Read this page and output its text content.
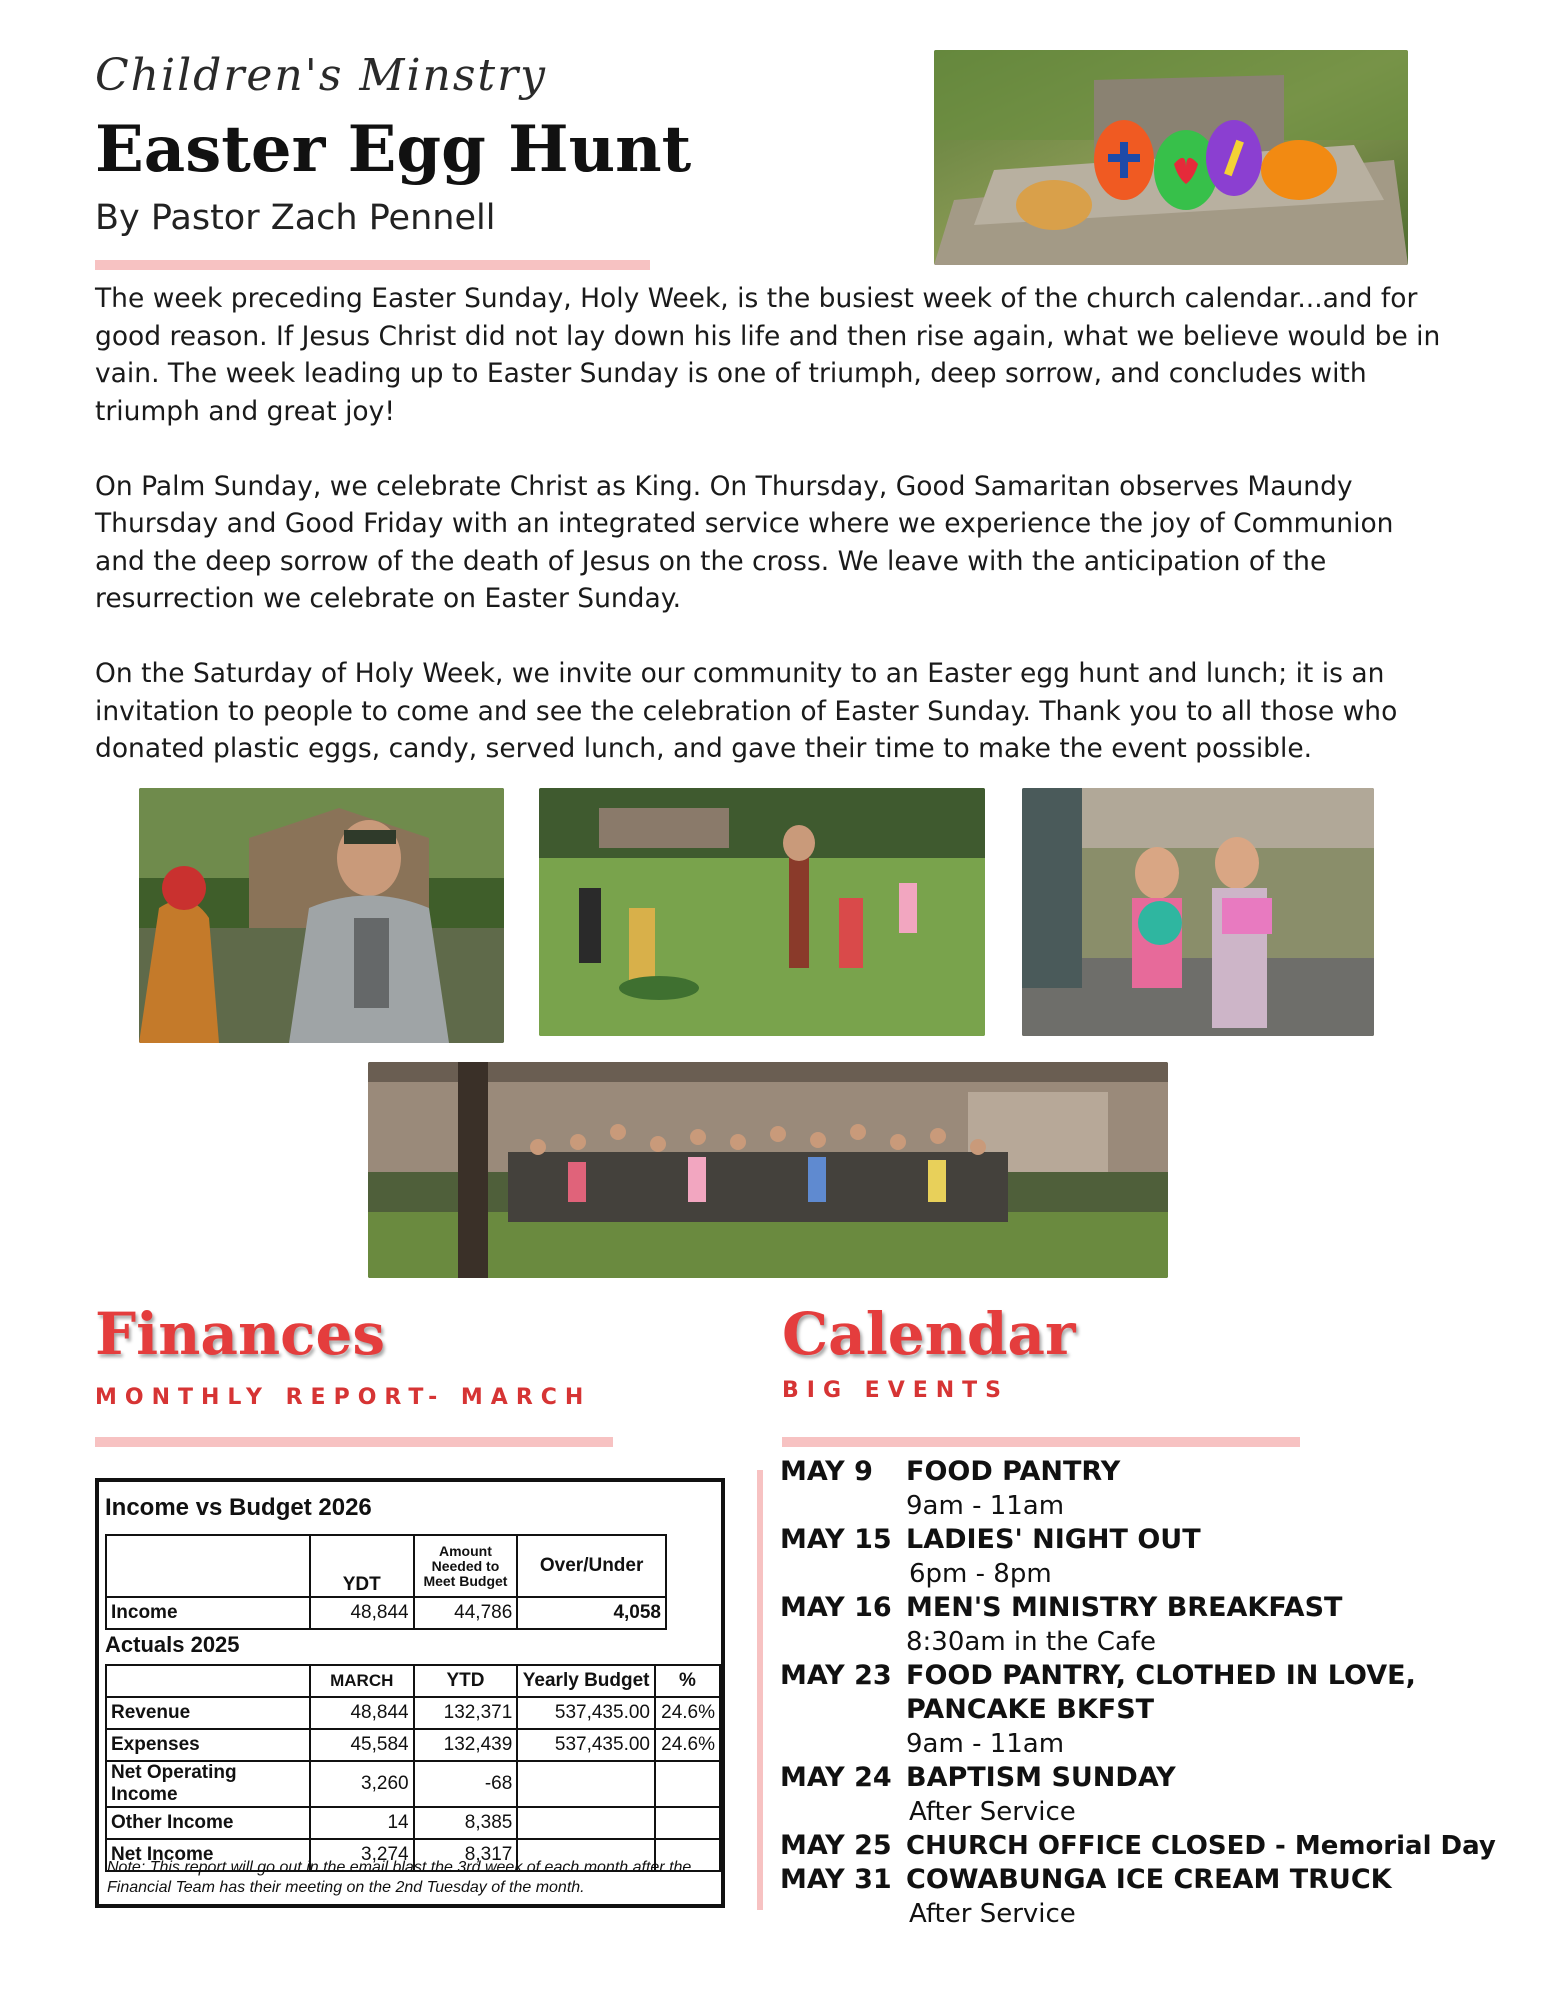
Children's Minstry
Easter Egg Hunt
By Pastor Zach Pennell

The week preceding Easter Sunday, Holy Week, is the busiest week of the church calendar...and for good reason. If Jesus Christ did not lay down his life and then rise again, what we believe would be in vain. The week leading up to Easter Sunday is one of triumph, deep sorrow, and concludes with triumph and great joy!

On Palm Sunday, we celebrate Christ as King. On Thursday, Good Samaritan observes Maundy Thursday and Good Friday with an integrated service where we experience the joy of Communion and the deep sorrow of the death of Jesus on the cross. We leave with the anticipation of the resurrection we celebrate on Easter Sunday.

On the Saturday of Holy Week, we invite our community to an Easter egg hunt and lunch; it is an invitation to people to come and see the celebration of Easter Sunday. Thank you to all those who donated plastic eggs, candy, served lunch, and gave their time to make the event possible.

Finances
MONTHLY REPORT- MARCH
Income vs Budget 2026
	YDT	Amount Needed to Meet Budget	Over/Under
Income	48,844	44,786	4,058
Actuals 2025
	MARCH	YTD	Yearly Budget	%
Revenue	48,844	132,371	537,435.00	24.6%
Expenses	45,584	132,439	537,435.00	24.6%
Net Operating Income	3,260	-68		
Other Income	14	8,385		
Net Income	3,274	8,317		
Note: This report will go out in the email blast the 3rd week of each month after the Financial Team has their meeting on the 2nd Tuesday of the month.
Calendar
BIG EVENTS
MAY 9	FOOD PANTRY
9am - 11am
MAY 15 LADIES' NIGHT OUT
6pm - 8pm
MAY 16 MEN'S MINISTRY BREAKFAST
8:30am in the Cafe
MAY 23 FOOD PANTRY, CLOTHED IN LOVE,
PANCAKE BKFST
9am - 11am
MAY 24 BAPTISM SUNDAY
After Service
MAY 25 CHURCH OFFICE CLOSED - Memorial Day
MAY 31 COWABUNGA ICE CREAM TRUCK
After Service
